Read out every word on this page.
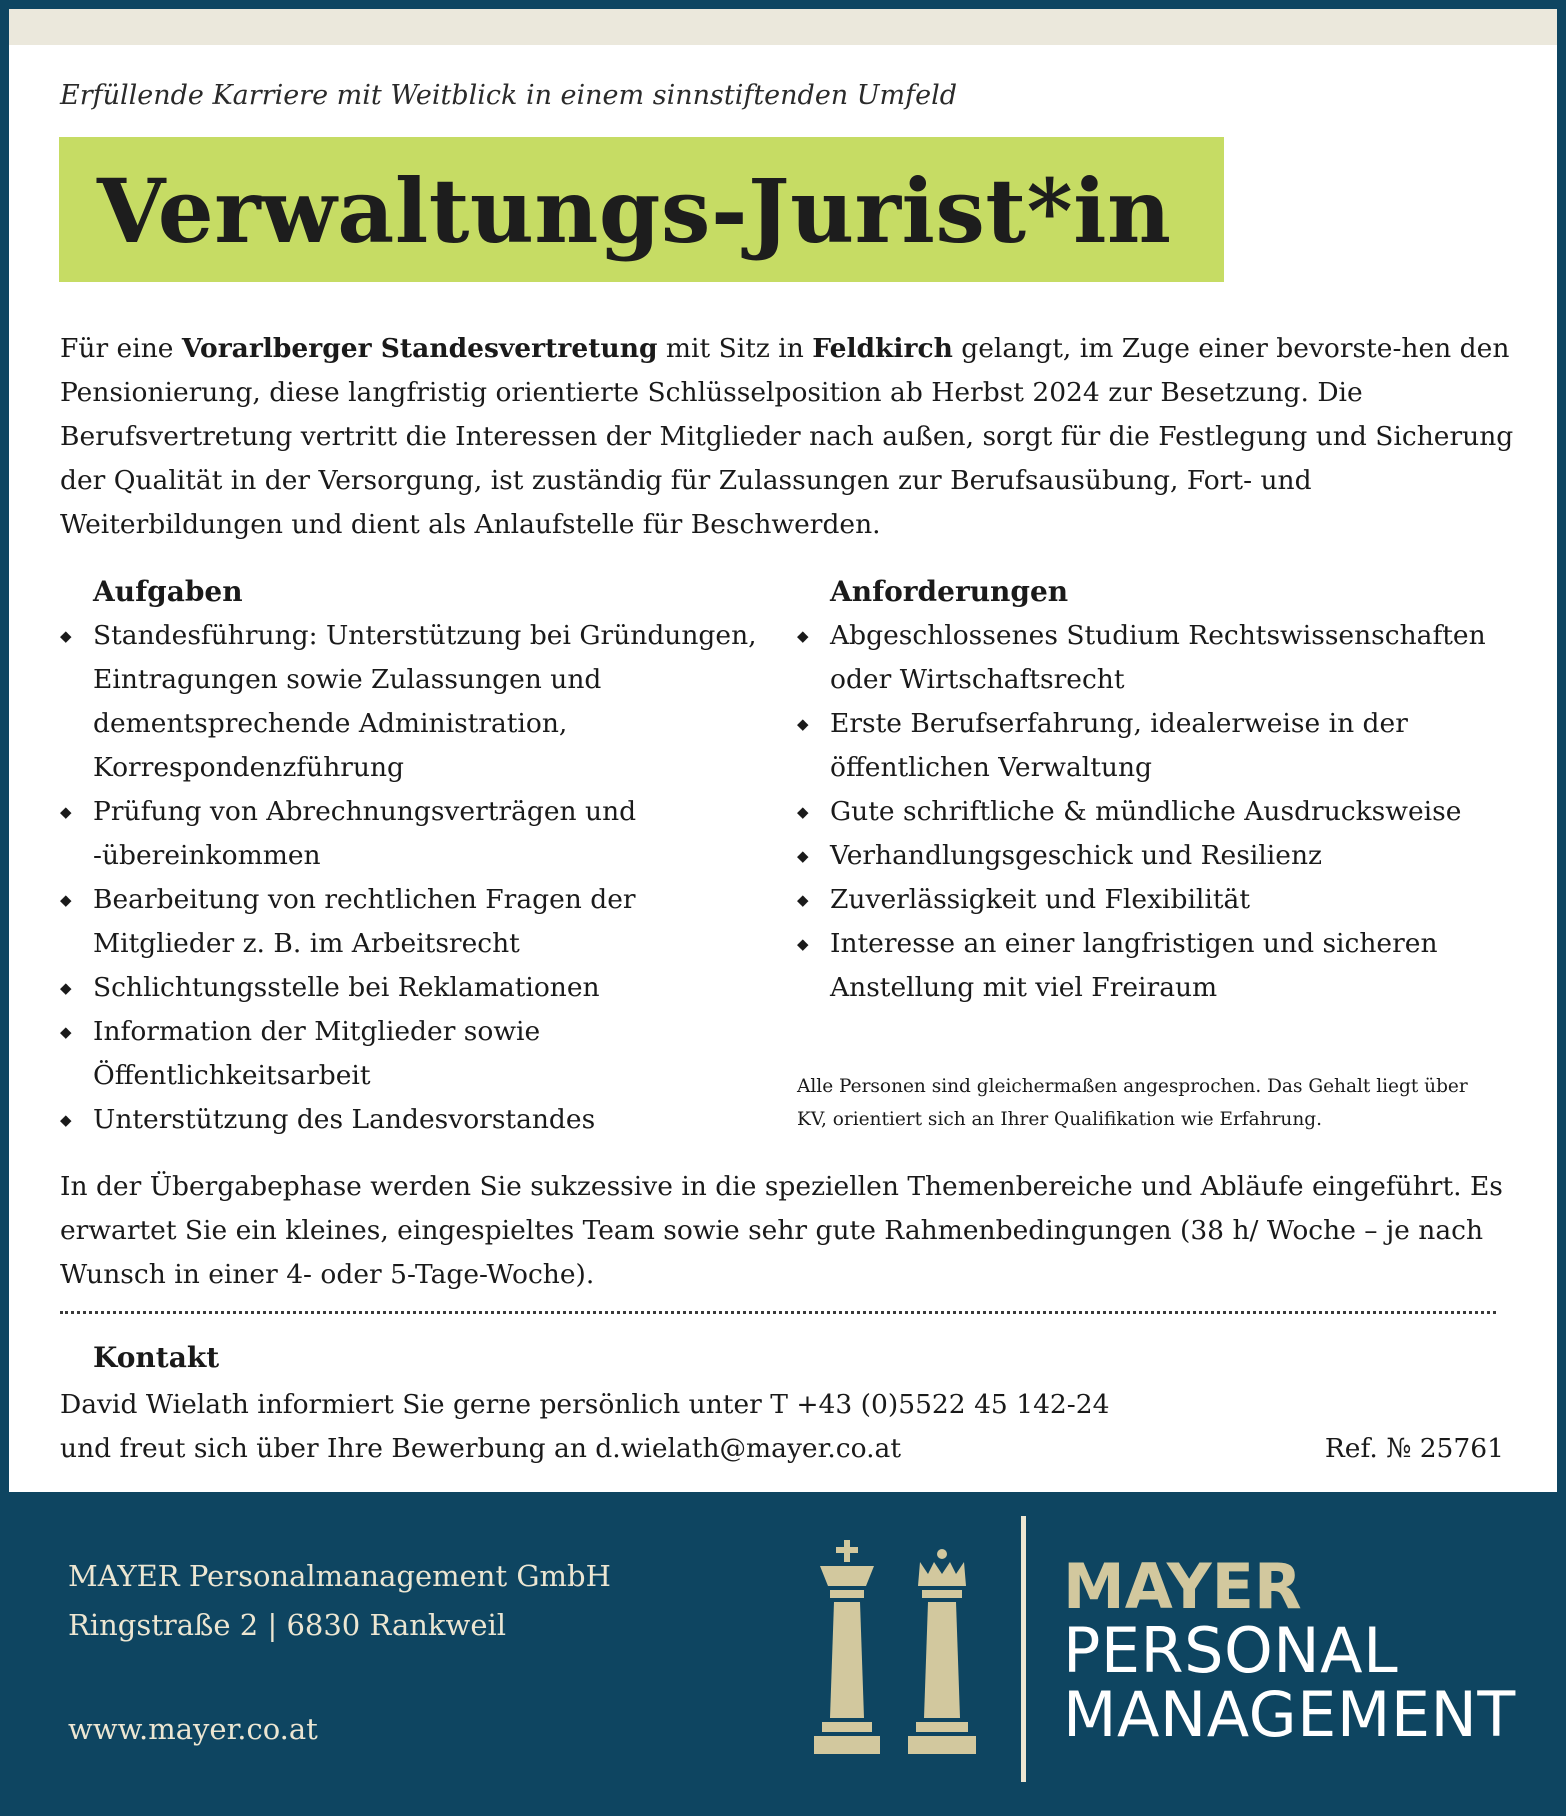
Erfüllende Karriere mit Weitblick in einem sinnstiftenden Umfeld
Verwaltungs-Jurist*in

Für eine Vorarlberger Standesvertretung mit Sitz in Feldkirch gelangt, im Zuge einer bevorste-hen den Pensionierung, diese langfristig orientierte Schlüsselposition ab Herbst 2024 zur Besetzung. Die Berufsvertretung vertritt die Interessen der Mitglieder nach außen, sorgt für die Festlegung und Sicherung der Qualität in der Versorgung, ist zuständig für Zulassungen zur Berufsausübung, Fort- und Weiterbildungen und dient als Anlaufstelle für Beschwerden.

Aufgaben
◆ Standesführung: Unterstützung bei Gründungen, Eintragungen sowie Zulassungen und dementsprechende Administration, Korrespondenzführung
◆ Prüfung von Abrechnungsverträgen und -übereinkommen
◆ Bearbeitung von rechtlichen Fragen der Mitglieder z. B. im Arbeitsrecht
◆ Schlichtungsstelle bei Reklamationen
◆ Information der Mitglieder sowie Öffentlichkeitsarbeit
◆ Unterstützung des Landesvorstandes
Anforderungen
◆ Abgeschlossenes Studium Rechtswissenschaften oder Wirtschaftsrecht
◆ Erste Berufserfahrung, idealerweise in der öffentlichen Verwaltung
◆ Gute schriftliche & mündliche Ausdrucksweise
◆ Verhandlungsgeschick und Resilienz
◆ Zuverlässigkeit und Flexibilität
◆ Interesse an einer langfristigen und sicheren Anstellung mit viel Freiraum

Alle Personen sind gleichermaßen angesprochen. Das Gehalt liegt über KV, orientiert sich an Ihrer Qualifikation wie Erfahrung.

In der Übergabephase werden Sie sukzessive in die speziellen Themenbereiche und Abläufe eingeführt. Es erwartet Sie ein kleines, eingespieltes Team sowie sehr gute Rahmenbedingungen (38 h/ Woche – je nach Wunsch in einer 4- oder 5-Tage-Woche).

Kontakt
David Wielath informiert Sie gerne persönlich unter T +43 (0)5522 45 142-24
und freut sich über Ihre Bewerbung an d.wielath@mayer.co.at	Ref. № 25761
MAYER Personalmanagement GmbH
Ringstraße 2 | 6830 Rankweil
www.mayer.co.at
MAYER
PERSONAL
MANAGEMENT
